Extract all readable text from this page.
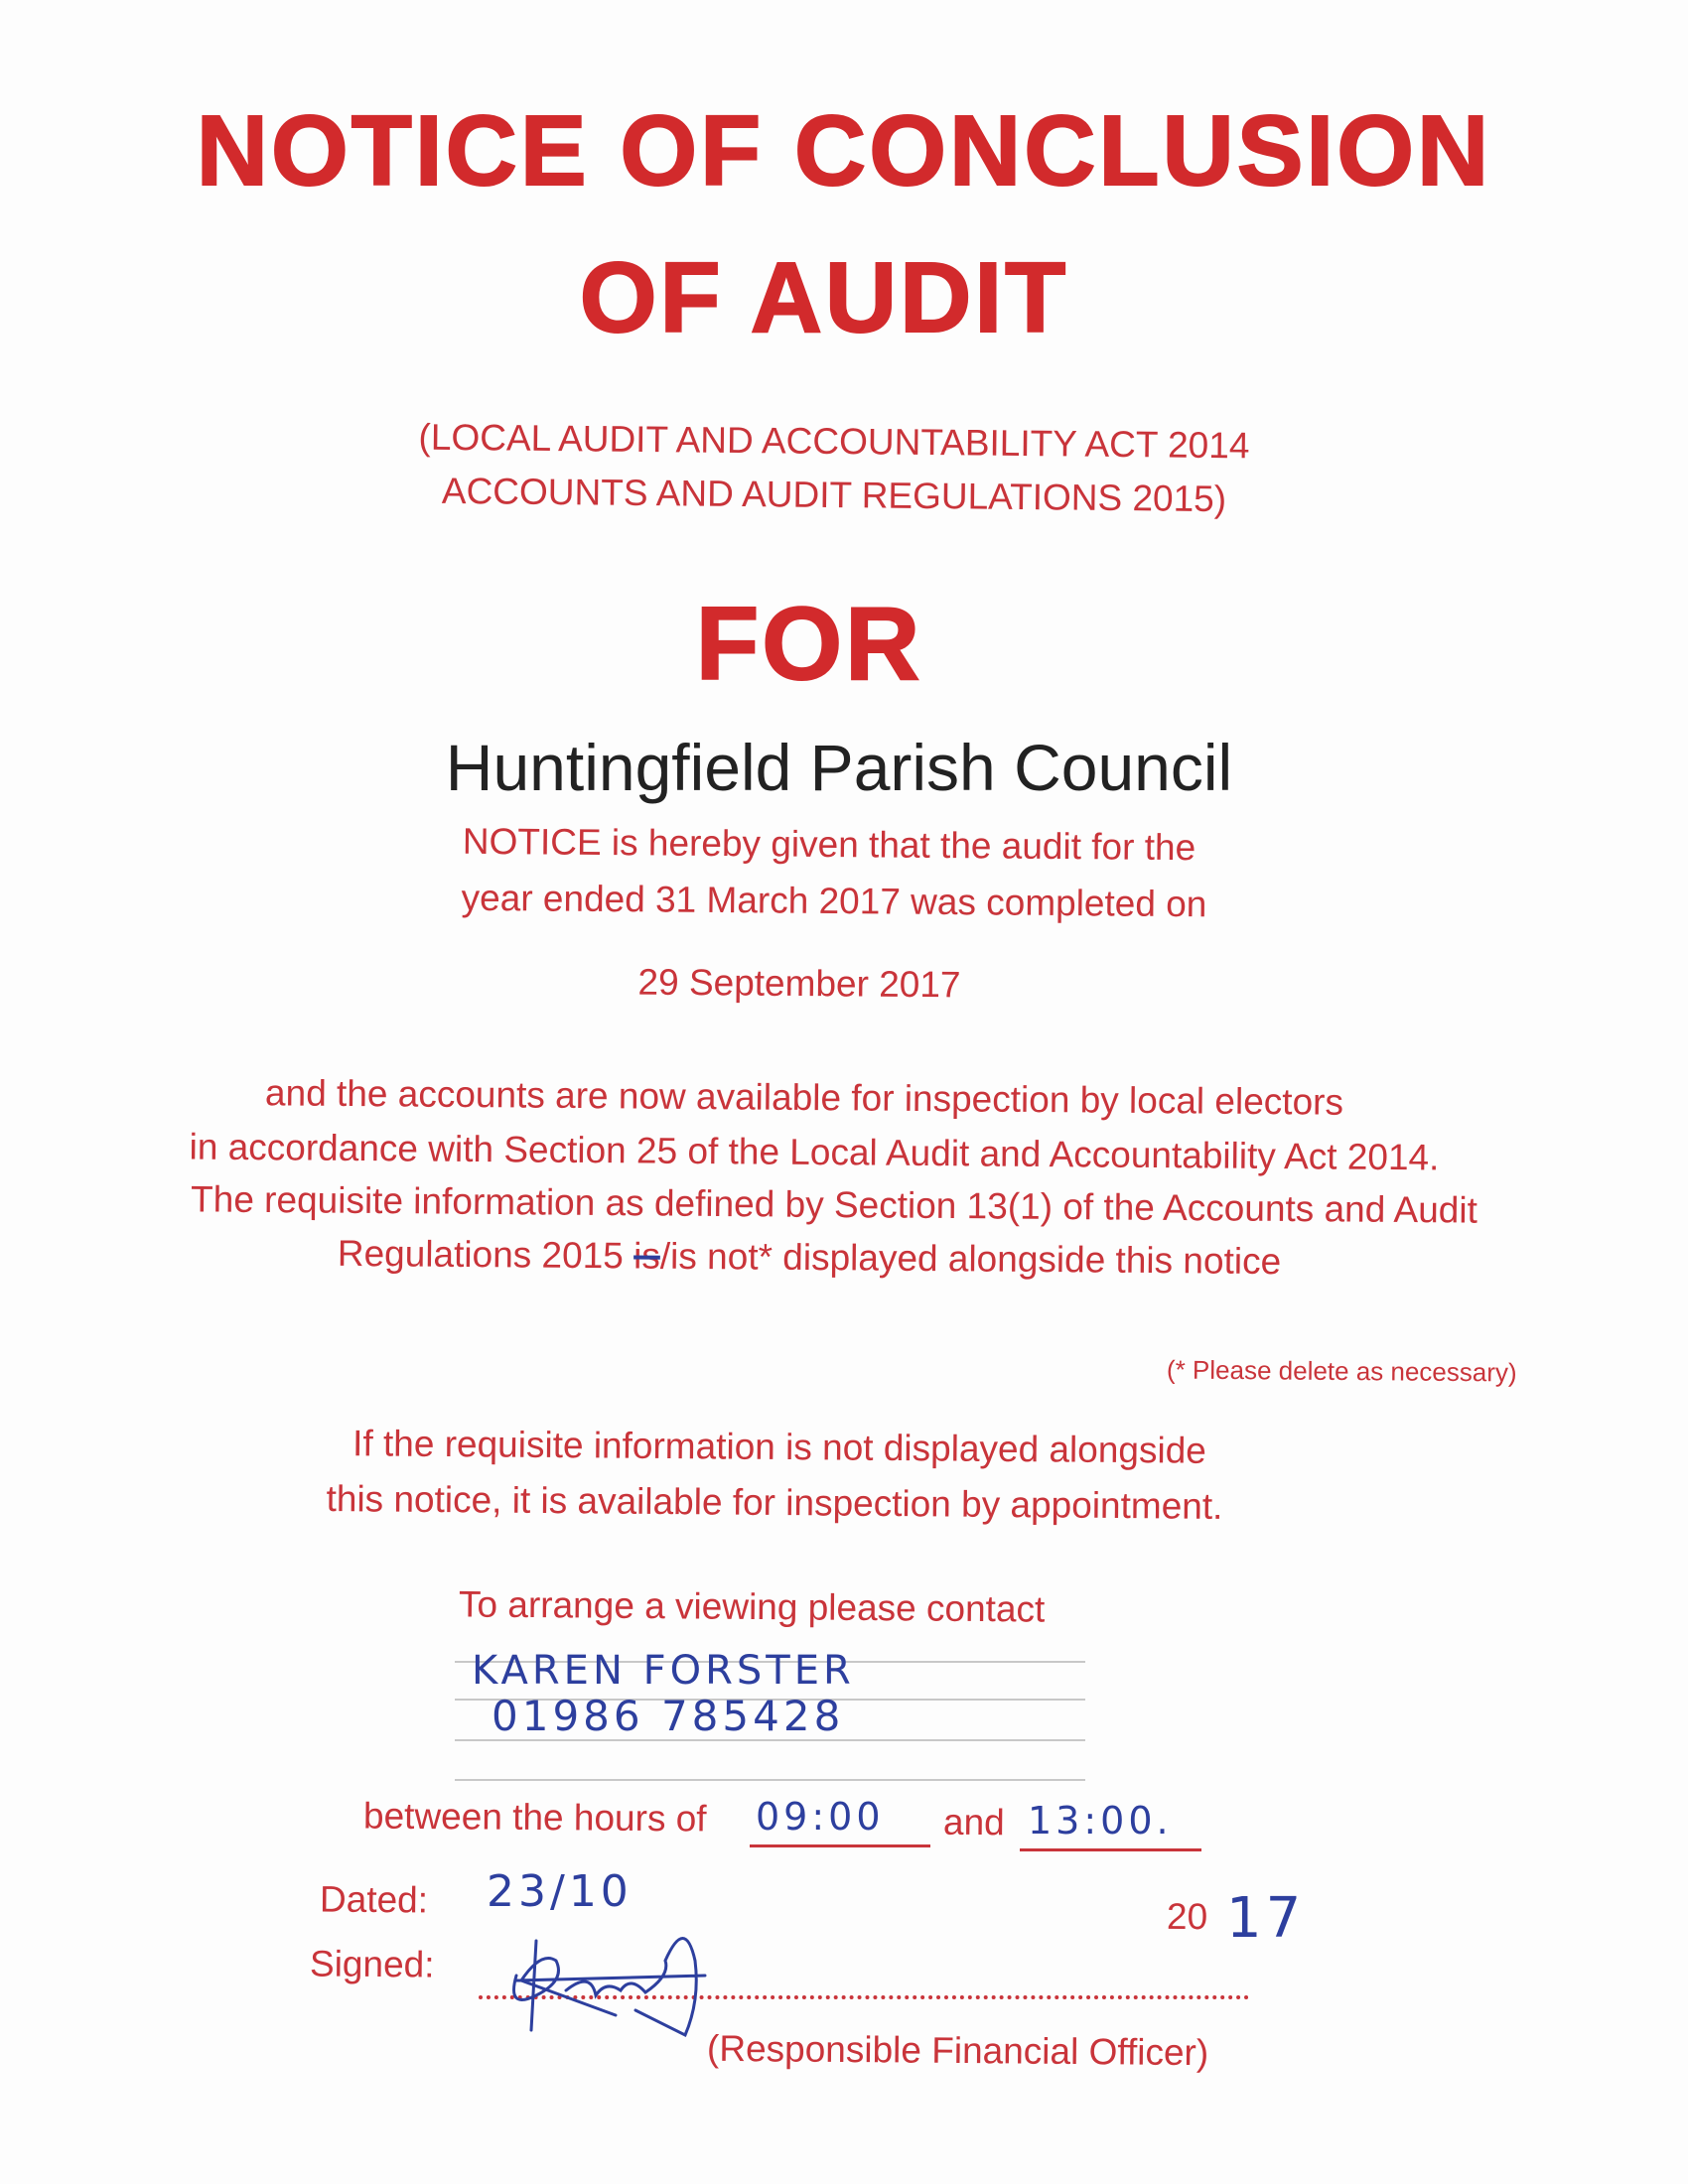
NOTICE OF CONCLUSION
OF AUDIT
(LOCAL AUDIT AND ACCOUNTABILITY ACT 2014
ACCOUNTS AND AUDIT REGULATIONS 2015)
FOR
Huntingfield Parish Council
NOTICE is hereby given that the audit for the
year ended 31 March 2017 was completed on
29 September 2017
and the accounts are now available for inspection by local electors
in accordance with Section 25 of the Local Audit and Accountability Act 2014.
The requisite information as defined by Section 13(1) of the Accounts and Audit
Regulations 2015 is/is not* displayed alongside this notice
(* Please delete as necessary)
If the requisite information is not displayed alongside
this notice, it is available for inspection by appointment.
To arrange a viewing please contact
KAREN FORSTER
01986 785428
between the hours of 09:00	and 13:00.
Dated: 23/10	20 17
Signed:
(Responsible Financial Officer)
